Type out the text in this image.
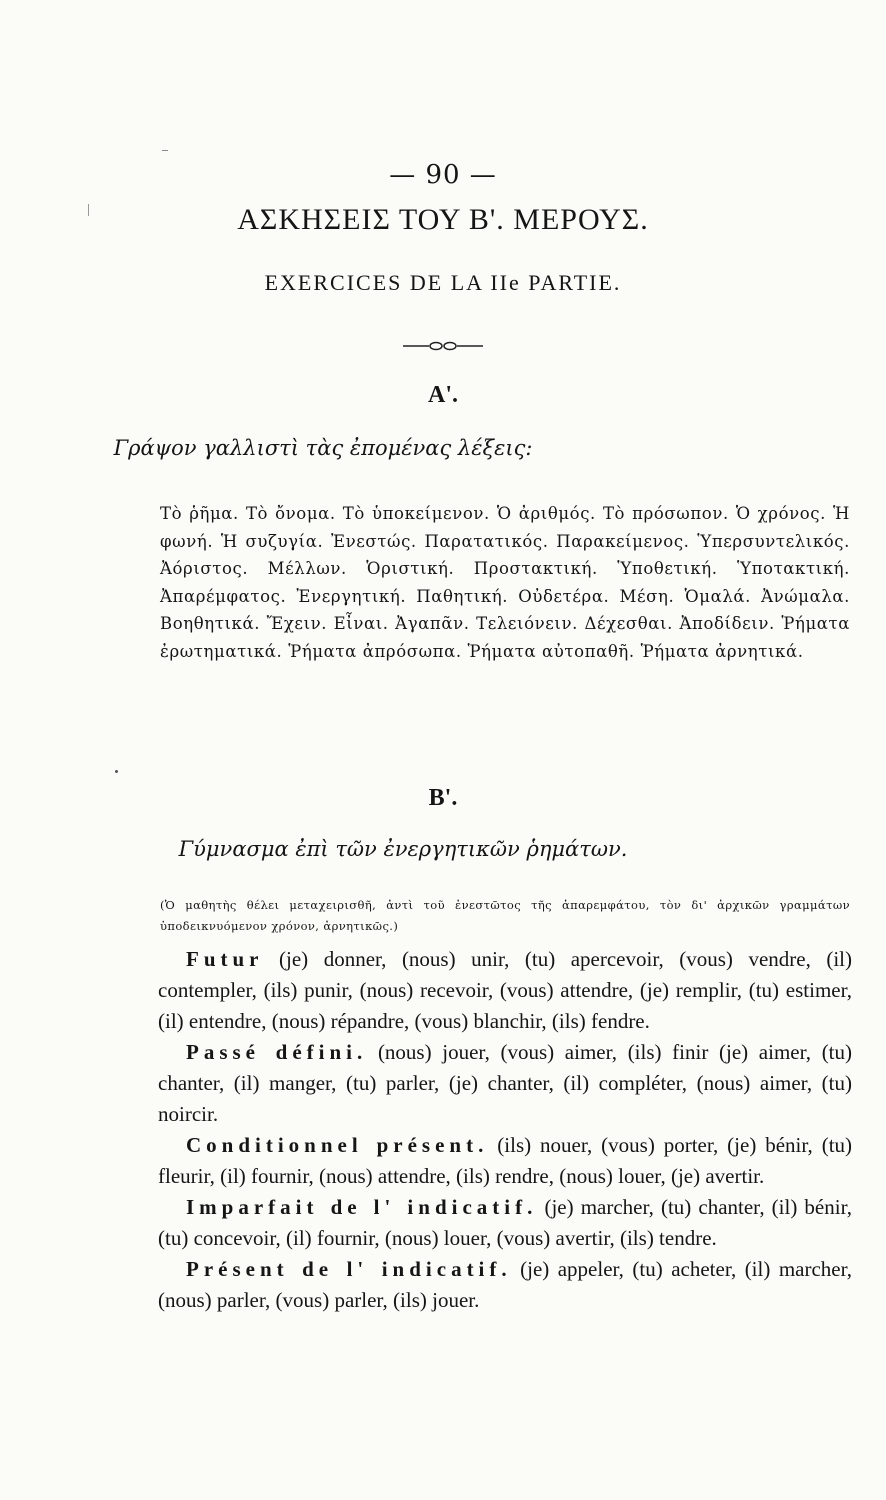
— 90 —
ΑΣΚΗΣΕΙΣ ΤΟΥ Β'. ΜΕΡΟΥΣ.
EXERCICES DE LA IIe PARTIE.
Α'.
Γράψον γαλλιστὶ τὰς ἐπομένας λέξεις:
Τὸ ῥῆμα. Τὸ ὄνομα. Τὸ ὑποκείμενον. Ὁ ἀριθμός. Τὸ πρόσωπον. Ὁ χρόνος. Ἡ φωνή. Ἡ συζυγία. Ἐνεστώς. Παρατατικός. Παρακείμενος. Ὑπερσυντελικός. Ἀόριστος. Μέλλων. Ὁριστική. Προστακτική. Ὑποθετική. Ὑποτακτική. Ἀπαρέμφατος. Ἐνεργητική. Παθητική. Οὐδετέρα. Μέση. Ὁμαλά. Ἀνώμαλα. Βοηθητικά. Ἔχειν. Εἶναι. Ἀγαπᾶν. Τελειόνειν. Δέχεσθαι. Ἀποδίδειν. Ῥήματα ἐρωτηματικά. Ῥήματα ἀπρόσωπα. Ῥήματα αὐτοπαθῆ. Ῥήματα ἀρνητικά.
Β'.
Γύμνασμα ἐπὶ τῶν ἐνεργητικῶν ῥημάτων.
(Ὁ μαθητὴς θέλει μεταχειρισθῆ, ἀντὶ τοῦ ἐνεστῶτος τῆς ἀπαρεμφάτου, τὸν δι' ἀρχικῶν γραμμάτων ὑποδεικνυόμενον χρόνον, ἀρνητικῶς.)

Futur (je) donner, (nous) unir, (tu) apercevoir, (vous) vendre, (il) contempler, (ils) punir, (nous) recevoir, (vous) attendre, (je) remplir, (tu) estimer, (il) entendre, (nous) répandre, (vous) blanchir, (ils) fendre.

Passé défini. (nous) jouer, (vous) aimer, (ils) finir (je) aimer, (tu) chanter, (il) manger, (tu) parler, (je) chanter, (il) compléter, (nous) aimer, (tu) noircir.

Conditionnel présent. (ils) nouer, (vous) porter, (je) bénir, (tu) fleurir, (il) fournir, (nous) attendre, (ils) rendre, (nous) louer, (je) avertir.

Imparfait de l' indicatif. (je) marcher, (tu) chanter, (il) bénir, (tu) concevoir, (il) fournir, (nous) louer, (vous) avertir, (ils) tendre.

Présent de l' indicatif. (je) appeler, (tu) acheter, (il) marcher, (nous) parler, (vous) parler, (ils) jouer.
